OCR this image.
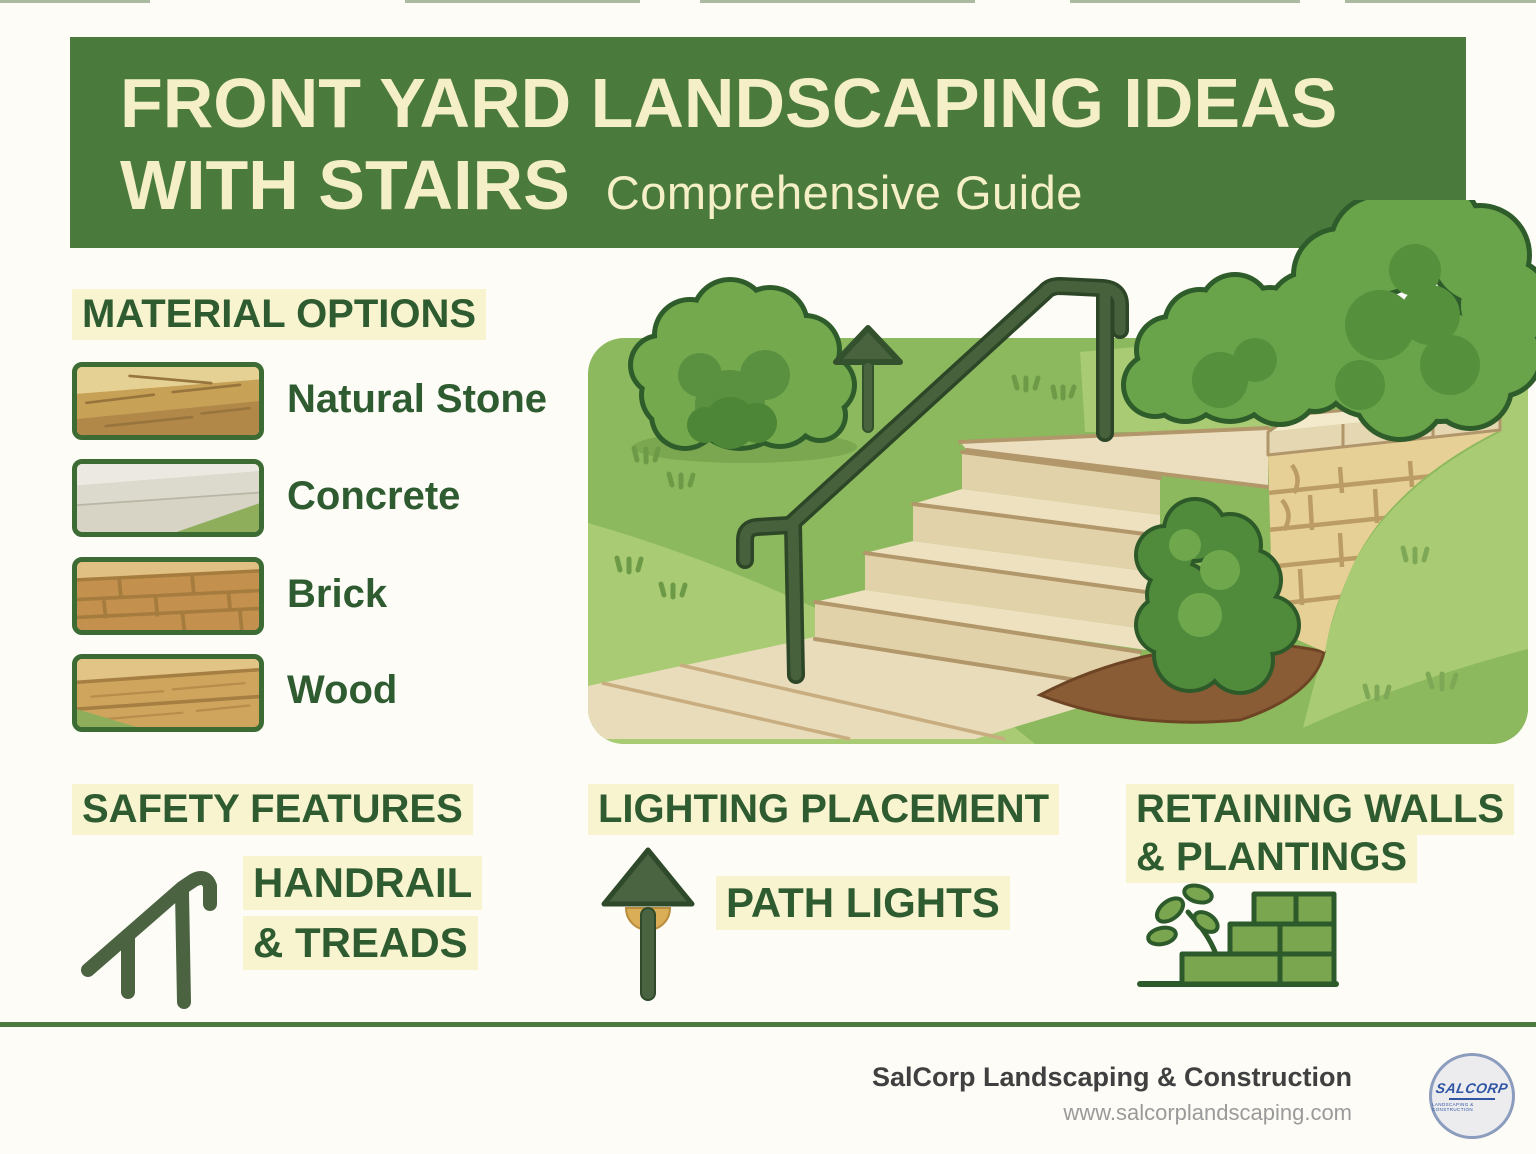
FRONT YARD LANDSCAPING IDEAS
WITH STAIRS Comprehensive Guide
MATERIAL OPTIONS
Natural Stone
Concrete
Brick
Wood
SAFETY FEATURES
HANDRAIL
& TREADS
LIGHTING PLACEMENT
PATH LIGHTS
RETAINING WALLS
& PLANTINGS
SalCorp Landscaping & Construction
www.salcorplandscaping.com
SALCORP
LANDSCAPING & CONSTRUCTION
